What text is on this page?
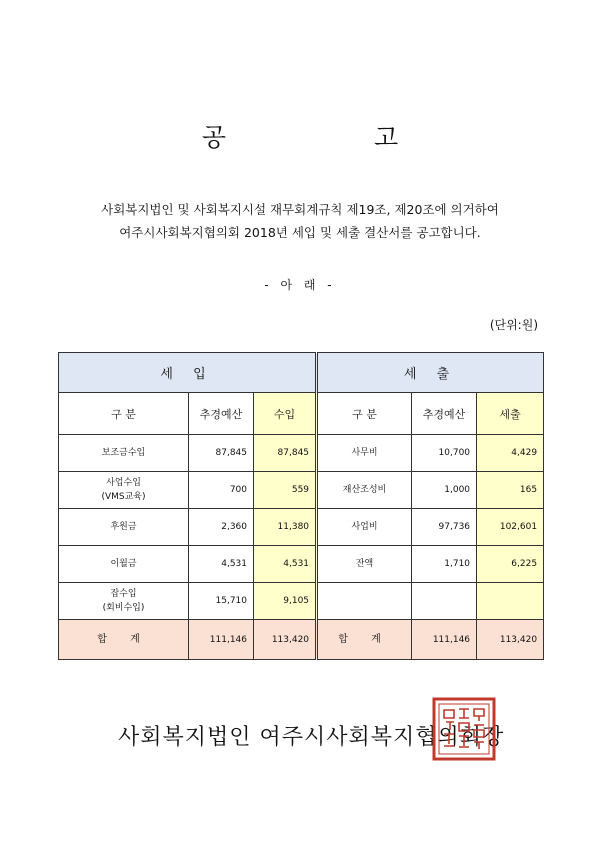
공 고
사회복지법인 및 사회복지시설 재무회계규칙 제19조, 제20조에 의거하여
여주시사회복지협의회 2018년 세입 및 세출 결산서를 공고합니다.
- 아 래 -
(단위:원)
세 입			세 출		
구 분	추경예산	수입	구 분	추경예산	세출

보조금수입	87,845	87,845	사무비	10,700	4,429

사업수입
(VMS교육)	700	559	재산조성비	1,000	165

후원금	2,360	11,380	사업비	97,736	102,601

이월금	4,531	4,531	잔액	1,710	6,225

잡수입
(회비수입)	15,710	9,105			
합 계	111,146	113,420	합 계	111,146	113,420
사회복지법인 여주시사회복지협의회장
